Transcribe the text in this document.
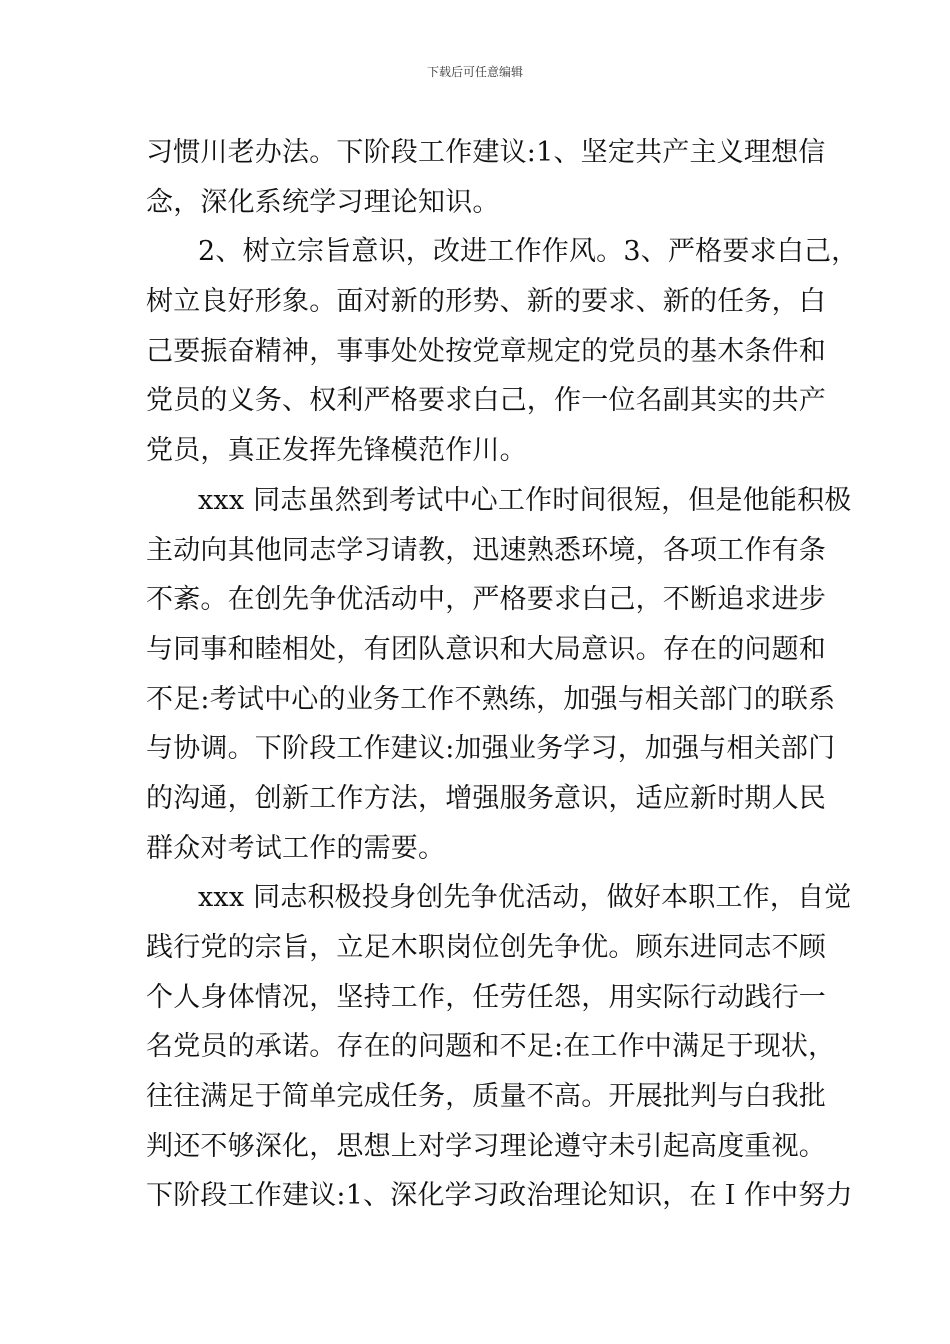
下载后可任意编辑
习惯川老办法。下阶段工作建议:1、坚定共产主义理想信
念，深化系统学习理论知识。
2、树立宗旨意识，改进工作作风。3、严格要求白己，
树立良好形象。面对新的形势、新的要求、新的任务，白
己要振奋精神，事事处处按党章规定的党员的基木条件和
党员的义务、权利严格要求白己，作一位名副其实的共产
党员，真正发挥先锋模范作川。
xxx 同志虽然到考试中心工作时间很短，但是他能积极
主动向其他同志学习请教，迅速熟悉环境，各项工作有条
不紊。在创先争优活动中，严格要求白己，不断追求进步
与同事和睦相处，有团队意识和大局意识。存在的问题和
不足:考试中心的业务工作不熟练，加强与相关部门的联系
与协调。下阶段工作建议:加强业务学习，加强与相关部门
的沟通，创新工作方法，增强服务意识，适应新时期人民
群众对考试工作的需要。
xxx 同志积极投身创先争优活动，做好本职工作，自觉
践行党的宗旨，立足木职岗位创先争优。顾东进同志不顾
个人身体情况，坚持工作，任劳任怨，用实际行动践行一
名党员的承诺。存在的问题和不足:在工作中满足于现状，
往往满足于简单完成任务，质量不高。开展批判与白我批
判还不够深化，思想上对学习理论遵守未引起高度重视。
下阶段工作建议:1、深化学习政治理论知识，在Ｉ作中努力
